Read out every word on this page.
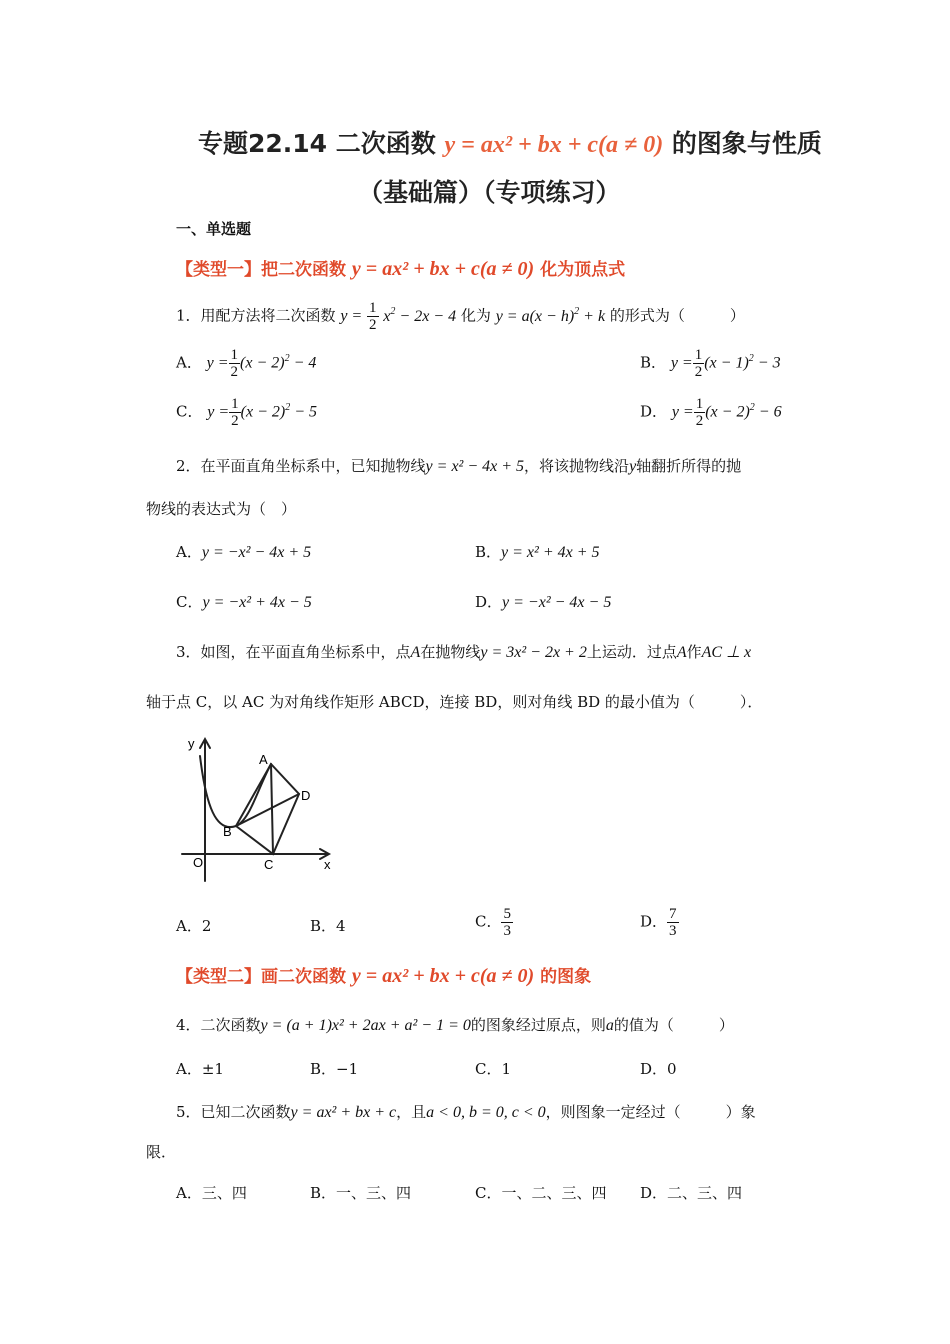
专题22.14 二次函数 y = ax² + bx + c(a ≠ 0) 的图象与性质
（基础篇）（专项练习）
一、单选题
【类型一】把二次函数 y = ax² + bx + c(a ≠ 0) 化为顶点式
1．用配方法将二次函数 $y = \frac{1}{2} x^2 - 2x - 4$ 化为 $y = a(x - h)^2 + k$ 的形式为（　　　）
A． $y = \frac{1}{2} (x - 2)^2 - 4$	B． $y = \frac{1}{2} (x - 1)^2 - 3$
C． $y = \frac{1}{2} (x - 2)^2 - 5$	D． $y = \frac{1}{2} (x - 2)^2 - 6$
2．在平面直角坐标系中，已知抛物线y = x² − 4x + 5，将该抛物线沿y轴翻折所得的抛
物线的表达式为（　）
A．y = −x² − 4x + 5	B．y = x² + 4x + 5
C．y = −x² + 4x − 5	D．y = −x² − 4x − 5
3．如图，在平面直角坐标系中，点A在抛物线y = 3x² − 2x + 2上运动．过点A作AC ⊥ x
轴于点 C，以 AC 为对角线作矩形 ABCD，连接 BD，则对角线 BD 的最小值为（　　　）．
y
x
O
A
B
C
D
A．2	B．4	C． $\frac{5}{3}$	D． $\frac{7}{3}$
【类型二】画二次函数 y = ax² + bx + c(a ≠ 0) 的图象
4．二次函数y = (a + 1)x² + 2ax + a² − 1 = 0的图象经过原点，则a的值为（　　　）
A．±1	B．−1	C．1	D．0
5．已知二次函数y = ax² + bx + c，且a < 0, b = 0, c < 0，则图象一定经过（　　　）象
限．
A．三、四	B．一、三、四	C．一、二、三、四 D．二、三、四
